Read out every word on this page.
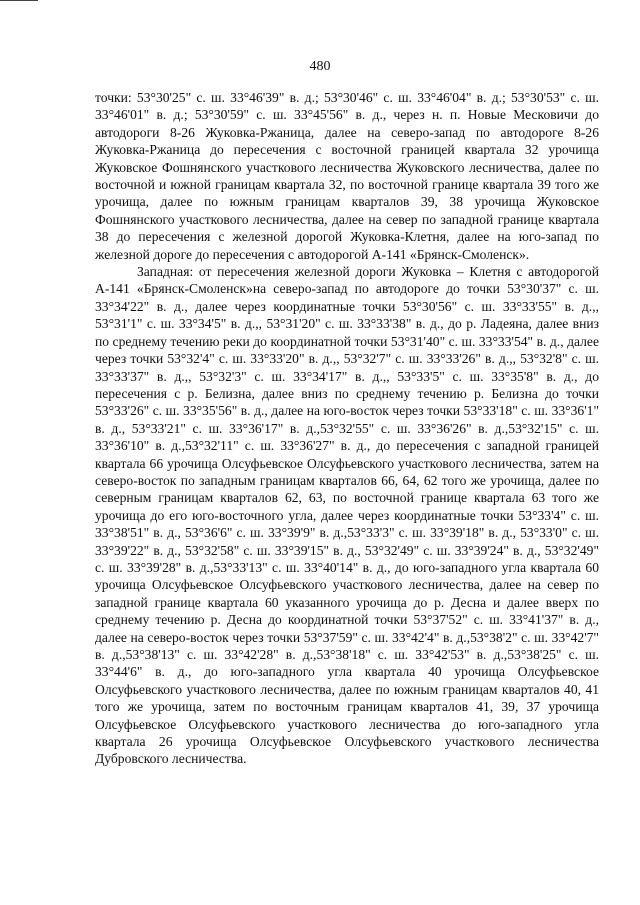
480

точки: 53°30'25" с. ш. 33°46'39" в. д.; 53°30'46" с. ш. 33°46'04" в. д.; 53°30'53" с. ш. 33°46'01" в. д.; 53°30'59" с. ш. 33°45'56" в. д., через н. п. Новые Месковичи до автодороги 8-26 Жуковка-Ржаница, далее на северо-запад по автодороге 8-26 Жуковка-Ржаница до пересечения с восточной границей квартала 32 урочища Жуковское Фошнянского участкового лесничества Жуковского лесничества, далее по восточной и южной границам квартала 32, по восточной границе квартала 39 того же урочища, далее по южным границам кварталов 39, 38 урочища Жуковское Фошнянского участкового лесничества, далее на север по западной границе квартала 38 до пересечения с железной дорогой Жуковка-Клетня, далее на юго-запад по железной дороге до пересечения с автодорогой А-141 «Брянск-Смоленск».

Западная: от пересечения железной дороги Жуковка – Клетня с автодорогой А-141 «Брянск-Смоленск»на северо-запад по автодороге до точки 53°30'37" с. ш. 33°34'22" в. д., далее через координатные точки 53°30'56" с. ш. 33°33'55" в. д.,, 53°31'1" с. ш. 33°34'5" в. д.,, 53°31'20" с. ш. 33°33'38" в. д., до р. Ладеяна, далее вниз по среднему течению реки до координатной точки 53°31'40" с. ш. 33°33'54" в. д., далее через точки 53°32'4" с. ш. 33°33'20" в. д.,, 53°32'7" с. ш. 33°33'26" в. д.,, 53°32'8" с. ш. 33°33'37" в. д.,, 53°32'3" с. ш. 33°34'17" в. д.,, 53°33'5" с. ш. 33°35'8" в. д., до пересечения с р. Белизна, далее вниз по среднему течению р. Белизна до точки 53°33'26" с. ш. 33°35'56" в. д., далее на юго-восток через точки 53°33'18" с. ш. 33°36'1" в. д., 53°33'21" с. ш. 33°36'17" в. д.,53°32'55" с. ш. 33°36'26" в. д.,53°32'15" с. ш. 33°36'10" в. д.,53°32'11" с. ш. 33°36'27" в. д., до пересечения с западной границей квартала 66 урочища Олсуфьевское Олсуфьевского участкового лесничества, затем на северо-восток по западным границам кварталов 66, 64, 62 того же урочища, далее по северным границам кварталов 62, 63, по восточной границе квартала 63 того же урочища до его юго-восточного угла, далее через координатные точки 53°33'4" с. ш. 33°38'51" в. д., 53°36'6" с. ш. 33°39'9" в. д.,53°33'3" с. ш. 33°39'18" в. д., 53°33'0" с. ш. 33°39'22" в. д., 53°32'58" с. ш. 33°39'15" в. д., 53°32'49" с. ш. 33°39'24" в. д., 53°32'49" с. ш. 33°39'28" в. д.,53°33'13" с. ш. 33°40'14" в. д., до юго-западного угла квартала 60 урочища Олсуфьевское Олсуфьевского участкового лесничества, далее на север по западной границе квартала 60 указанного урочища до р. Десна и далее вверх по среднему течению р. Десна до координатной точки 53°37'52" с. ш. 33°41'37" в. д., далее на северо-восток через точки 53°37'59" с. ш. 33°42'4" в. д.,53°38'2" с. ш. 33°42'7" в. д.,53°38'13" с. ш. 33°42'28" в. д.,53°38'18" с. ш. 33°42'53" в. д.,53°38'25" с. ш. 33°44'6" в. д., до юго-западного угла квартала 40 урочища Олсуфьевское Олсуфьевского участкового лесничества, далее по южным границам кварталов 40, 41 того же урочища, затем по восточным границам кварталов 41, 39, 37 урочища Олсуфьевское Олсуфьевского участкового лесничества до юго-западного угла квартала 26 урочища Олсуфьевское Олсуфьевского участкового лесничества Дубровского лесничества.
